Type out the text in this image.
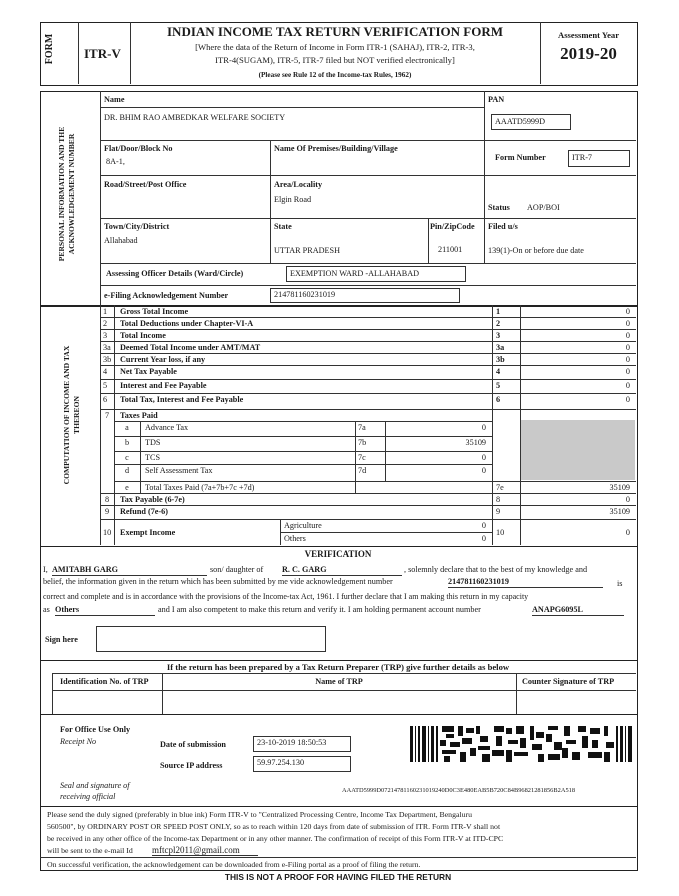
FORM ITR-V
INDIAN INCOME TAX RETURN VERIFICATION FORM
[Where the data of the Return of Income in Form ITR-1 (SAHAJ), ITR-2, ITR-3,
ITR-4(SUGAM), ITR-5, ITR-7 filed but NOT verified electronically]
(Please see Rule 12 of the Income-tax Rules, 1962)
Assessment Year
2019-20
PERSONAL INFORMATION AND THE ACKNOWLEDGEMENT NUMBER
Name
DR. BHIM RAO AMBEDKAR WELFARE SOCIETY
PAN
AAATD5999D
Flat/Door/Block No
8A-1,
Name Of Premises/Building/Village
Form Number	ITR-7
Road/Street/Post Office	Area/Locality
Elgin Road
Status AOP/BOI
Town/City/District
Allahabad
State
UTTAR PRADESH
Pin/ZipCode
211001
Filed u/s
139(1)-On or before due date
Assessing Officer Details (Ward/Circle)	EXEMPTION WARD -ALLAHABAD
e-Filing Acknowledgement Number	214781160231019
COMPUTATION OF INCOME AND TAX THEREON
1 Gross Total Income	1	0
2 Total Deductions under Chapter-VI-A	2	0
3 Total Income	3	0
3a Deemed Total Income under AMT/MAT	3a	0
3b Current Year loss, if any	3b	0
4 Net Tax Payable	4	0
5 Interest and Fee Payable	5	0
6 Total Tax, Interest and Fee Payable	6	0
7 Taxes Paid
a	Advance Tax	7a	0
b	TDS	7b	35109
c	TCS	7c	0
d	Self Assessment Tax	7d	0
e	Total Taxes Paid (7a+7b+7c +7d)	7e	35109
8 Tax Payable (6-7e)	8	0
9 Refund (7e-6)	9	35109
10 Exempt Income
Agriculture	0
Others	0
10	0
VERIFICATION
I, AMITABH GARG	son/ daughter of R. C. GARG	, solemnly declare that to the best of my knowledge and
belief, the information given in the return which has been submitted by me vide acknowledgement number	214781160231019	is
correct and complete and is in accordance with the provisions of the Income-tax Act, 1961. I further declare that I am making this return in my capacity
as Others	and I am also competent to make this return and verify it. I am holding permanent account number	ANAPG6095L
Sign here
If the return has been prepared by a Tax Return Preparer (TRP) give further details as below
Identification No. of TRP	Name of TRP	Counter Signature of TRP
For Office Use Only
Receipt No	Date of submission	23-10-2019 18:50:53
Source IP address	59.97.254.130
Seal and signature of
receiving official
AAATD5999D07214781160231019240D0C3E480EAB5B720C84B96821281856B2A518
Please send the duly signed (preferably in blue ink) Form ITR-V to "Centralized Processing Centre, Income Tax Department, Bengaluru
560500", by ORDINARY POST OR SPEED POST ONLY, so as to reach within 120 days from date of submission of ITR. Form ITR-V shall not
be received in any other office of the Income-tax Department or in any other manner. The confirmation of receipt of this Form ITR-V at ITD-CPC
will be sent to the e-mail Id mftcpl2011@gmail.com
On successful verification, the acknowledgement can be downloaded from e-Filing portal as a proof of filing the return.
THIS IS NOT A PROOF FOR HAVING FILED THE RETURN
